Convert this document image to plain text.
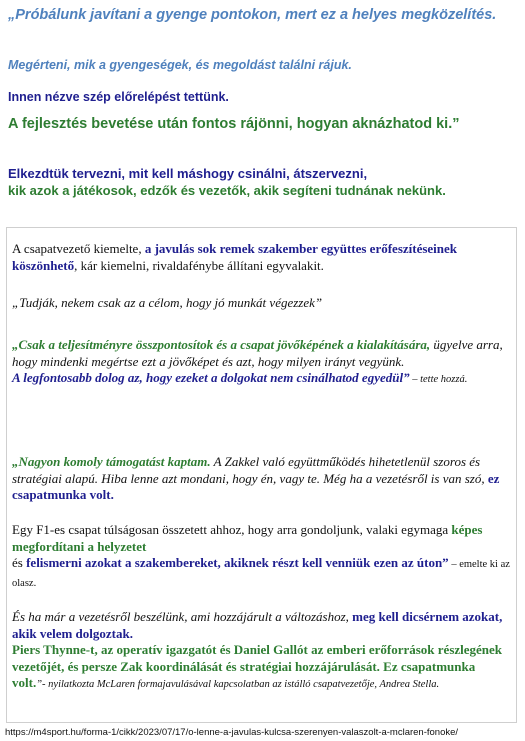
„Próbálunk javítani a gyenge pontokon, mert ez a helyes megközelítés.

Megérteni, mik a gyengeségek, és megoldást találni rájuk.

Innen nézve szép előrelépést tettünk.

A fejlesztés bevetése után fontos rájönni, hogyan aknázhatod ki.”

Elkezdtük tervezni, mit kell máshogy csinálni, átszervezni,
kik azok a játékosok, edzők és vezetők, akik segíteni tudnának nekünk.

A csapatvezető kiemelte, a javulás sok remek szakember együttes erőfeszítéseinek köszönhető, kár kiemelni, rivaldafénybe állítani egyvalakit.

„Tudják, nekem csak az a célom, hogy jó munkát végezzek”

„Csak a teljesítményre összpontosítok és a csapat jövőképének a kialakítására, ügyelve arra, hogy mindenki megértse ezt a jövőképet és azt, hogy milyen irányt vegyünk.
A legfontosabb dolog az, hogy ezeket a dolgokat nem csinálhatod egyedül” – tette hozzá.

„Nagyon komoly támogatást kaptam. A Zakkel való együttműködés hihetetlenül szoros és stratégiai alapú. Hiba lenne azt mondani, hogy én, vagy te. Még ha a vezetésről is van szó, ez csapatmunka volt.

Egy F1-es csapat túlságosan összetett ahhoz, hogy arra gondoljunk, valaki egymaga képes megfordítani a helyzetet
és felismerni azokat a szakembereket, akiknek részt kell venniük ezen az úton” – emelte ki az olasz.

És ha már a vezetésről beszélünk, ami hozzájárult a változáshoz, meg kell dicsérnem azokat, akik velem dolgoztak.
Piers Thynne-t, az operatív igazgatót és Daniel Gallót az emberi erőforrások részlegének vezetőjét, és persze Zak koordinálását és stratégiai hozzájárulását. Ez csapatmunka volt.”- nyilatkozta McLaren formajavulásával kapcsolatban az istálló csapatvezetője, Andrea Stella.

https://m4sport.hu/forma-1/cikk/2023/07/17/o-lenne-a-javulas-kulcsa-szerenyen-valaszolt-a-mclaren-fonoke/
